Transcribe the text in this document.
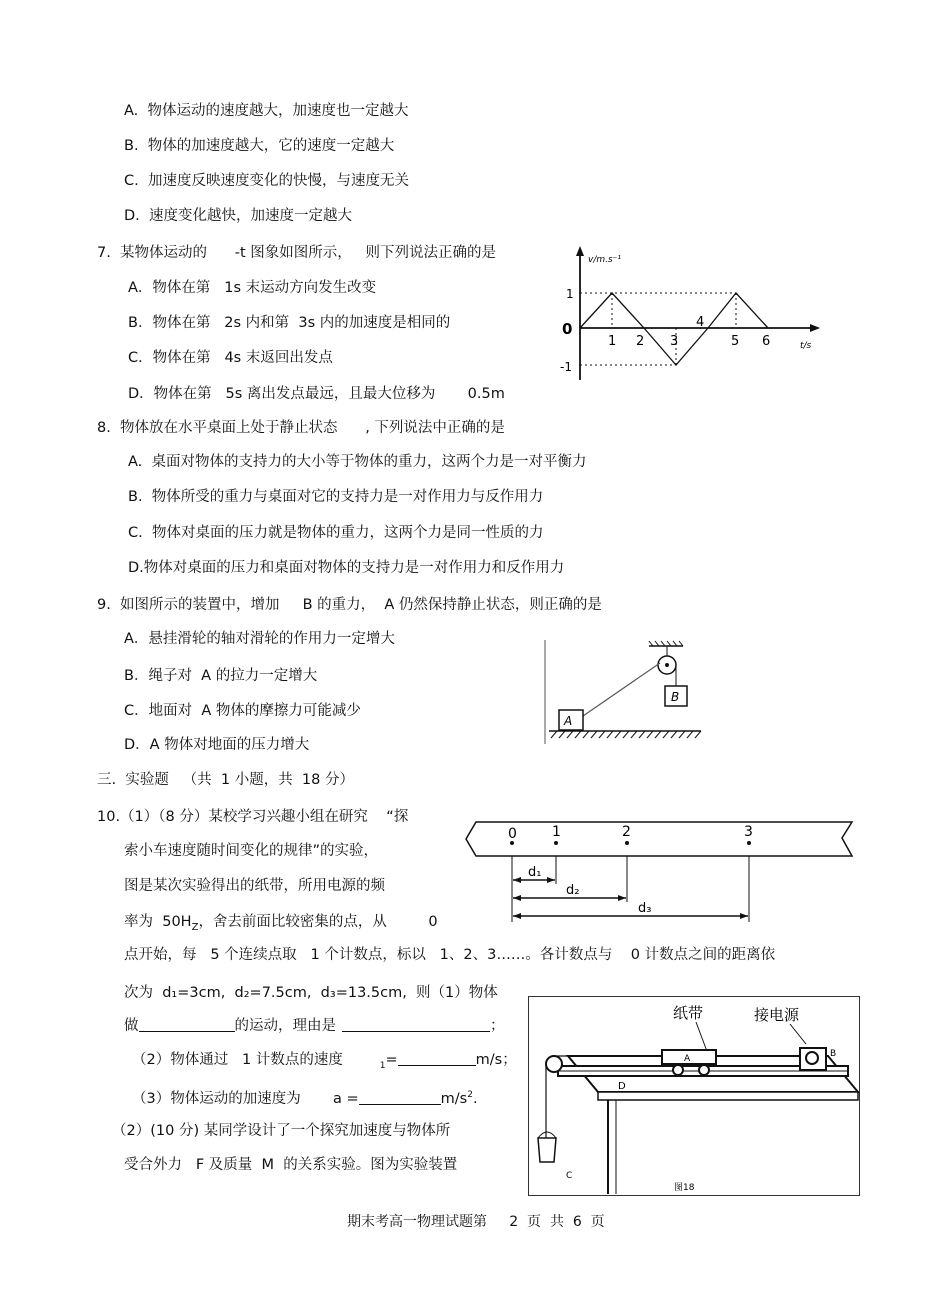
A.  物体运动的速度越大，加速度也一定越大
B.  物体的加速度越大，它的速度一定越大
C.  加速度反映速度变化的快慢，与速度无关
D.  速度变化越快，加速度一定越大
7.  某物体运动的      -t 图象如图所示，   则下列说法正确的是
A．物体在第   1s 末运动方向发生改变
B．物体在第   2s 内和第  3s 内的加速度是相同的
C．物体在第   4s 末返回出发点
D．物体在第   5s 离出发点最远，且最大位移为       0.5m
v/m.s⁻¹
t/s
1
0
-1
1 2 3
4
5 6
8.  物体放在水平桌面上处于静止状态      , 下列说法中正确的是
A.  桌面对物体的支持力的大小等于物体的重力，这两个力是一对平衡力
B.  物体所受的重力与桌面对它的支持力是一对作用力与反作用力
C.  物体对桌面的压力就是物体的重力，这两个力是同一性质的力
D.物体对桌面的压力和桌面对物体的支持力是一对作用力和反作用力
9.  如图所示的装置中，增加     B 的重力，  A 仍然保持静止状态，则正确的是
A．悬挂滑轮的轴对滑轮的作用力一定增大
B．绳子对  A 的拉力一定增大
C．地面对  A 物体的摩擦力可能减少
D．A 物体对地面的压力增大
B
A
三.  实验题   （共  1 小题，共  18 分）
10.（1）（8 分）某校学习兴趣小组在研究    “探
索小车速度随时间变化的规律”的实验，
图是某次实验得出的纸带，所用电源的频
率为  $50H_Z$，舍去前面比较密集的点，从         0
点开始，每   5 个连续点取   1 个计数点，标以   1、2、3……。各计数点与    0 计数点之间的距离依
次为  d₁=3cm,  d₂=7.5cm,  d₃=13.5cm,  则（1）物体
做	的运动，理由是	；
（2）物体通过   1 计数点的速度        $_1$=	m/s；
（3）物体运动的加速度为       a =	$m/s^2$.
（2）(10 分) 某同学设计了一个探究加速度与物体所
受合外力   F 及质量  M  的关系实验。图为实验装置
0	1	2	3
d₁
d₂
d₃
纸带	接电源
D
A	B
C
图18
期末考高一物理试题第     2  页  共  6  页
